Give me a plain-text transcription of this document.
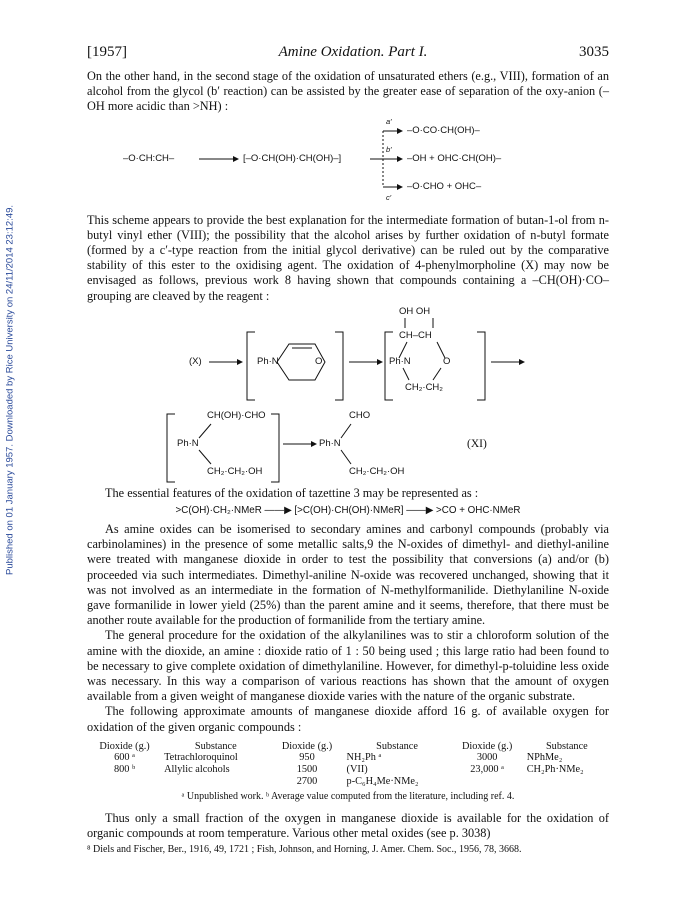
Published on 01 January 1957. Downloaded by Rice University on 24/11/2014 23:12:49.
[1957]	Amine Oxidation. Part I.	3035

On the other hand, in the second stage of the oxidation of unsaturated ethers (e.g., VIII), formation of an alcohol from the glycol (b′ reaction) can be assisted by the greater ease of separation of the oxy-anion (–OH more acidic than >NH) :

–O·CH:CH–	[–O·CH(OH)·CH(OH)–]
a′
b′
c′
–O·CO·CH(OH)–
–OH + OHC·CH(OH)–
–O·CHO + OHC–

This scheme appears to provide the best explanation for the intermediate formation of butan-1-ol from n-butyl vinyl ether (VIII); the possibility that the alcohol arises by further oxidation of n-butyl formate (formed by a c′-type reaction from the initial glycol derivative) can be ruled out by the comparative stability of this ester to the oxidising agent. The oxidation of 4-phenylmorpholine (X) may now be envisaged as follows, previous work 8 having shown that compounds containing a –CH(OH)·CO– grouping are cleaved by the reagent :

(X)	Ph·N	O
OH OH
CH–CH
Ph·N	O
CH₂·CH₂
CH(OH)·CHO
Ph·N
CH₂·CH₂·OH
CHO
Ph·N
CH₂·CH₂·OH
(XI)

The essential features of the oxidation of tazettine 3 may be represented as :

>C(OH)·CH₂·NMeR ——▶ [>C(OH)·CH(OH)·NMeR] ——▶ >CO + OHC·NMeR

As amine oxides can be isomerised to secondary amines and carbonyl compounds (probably via carbinolamines) in the presence of some metallic salts,9 the N-oxides of dimethyl- and diethyl-aniline were treated with manganese dioxide in order to test the possibility that conversions (a) and/or (b) proceeded via such intermediates. Dimethyl-aniline N-oxide was recovered unchanged, showing that it was not involved as an intermediate in the formation of N-methylformanilide. Diethylaniline N-oxide gave formanilide in lower yield (25%) than the parent amine and it seems, therefore, that there must be another route available for the production of formanilide from the tertiary amine.

The general procedure for the oxidation of the alkylanilines was to stir a chloroform solution of the amine with the dioxide, an amine : dioxide ratio of 1 : 50 being used ; this large ratio had been found to be necessary to give complete oxidation of dimethylaniline. However, for dimethyl-p-toluidine less oxide was necessary. In this way a comparison of various reactions has shown that the amount of oxygen available from a given weight of manganese dioxide varies with the nature of the organic substrate.

The following approximate amounts of manganese dioxide afford 16 g. of available oxygen for oxidation of the given organic compounds :

Dioxide (g.)	Substance	Dioxide (g.)	Substance	Dioxide (g.)	Substance
600 ᵃ	Tetrachloroquinol	950	NH₂Ph ᵃ	3000	NPhMe₂
800 ᵇ	Allylic alcohols	1500	(VII)	23,000 ᵃ	CH₂Ph·NMe₂
		2700	p-C₆H₄Me·NMe₂		
ᵃ Unpublished work. ᵇ Average value computed from the literature, including ref. 4.

Thus only a small fraction of the oxygen in manganese dioxide is available for the oxidation of organic compounds at room temperature. Various other metal oxides (see p. 3038)

⁸ Diels and Fischer, Ber., 1916, 49, 1721 ; Fish, Johnson, and Horning, J. Amer. Chem. Soc., 1956, 78, 3668.
